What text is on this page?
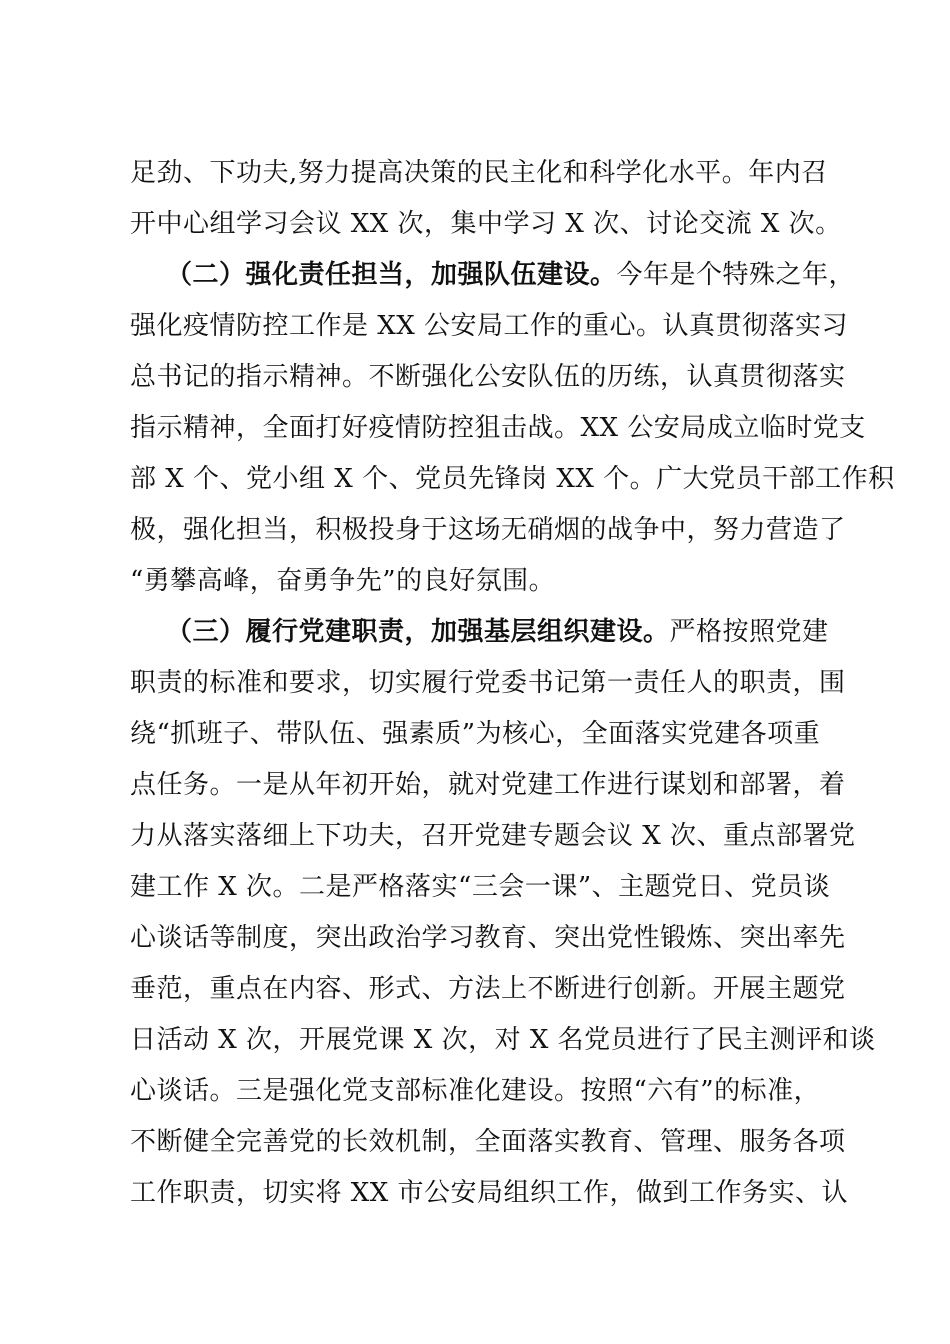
足劲、下功夫,努力提高决策的民主化和科学化水平。年内召
开中心组学习会议 XX 次，集中学习 X 次、讨论交流 X 次。
（二）强化责任担当，加强队伍建设。今年是个特殊之年，
强化疫情防控工作是 XX 公安局工作的重心。认真贯彻落实习
总书记的指示精神。不断强化公安队伍的历练，认真贯彻落实
指示精神，全面打好疫情防控狙击战。XX 公安局成立临时党支
部 X 个、党小组 X 个、党员先锋岗 XX 个。广大党员干部工作积
极，强化担当，积极投身于这场无硝烟的战争中，努力营造了
“勇攀高峰，奋勇争先”的良好氛围。
（三）履行党建职责，加强基层组织建设。严格按照党建
职责的标准和要求，切实履行党委书记第一责任人的职责，围
绕“抓班子、带队伍、强素质”为核心，全面落实党建各项重
点任务。一是从年初开始，就对党建工作进行谋划和部署，着
力从落实落细上下功夫，召开党建专题会议 X 次、重点部署党
建工作 X 次。二是严格落实“三会一课”、主题党日、党员谈
心谈话等制度，突出政治学习教育、突出党性锻炼、突出率先
垂范，重点在内容、形式、方法上不断进行创新。开展主题党
日活动 X 次，开展党课 X 次，对 X 名党员进行了民主测评和谈
心谈话。三是强化党支部标准化建设。按照“六有”的标准，
不断健全完善党的长效机制，全面落实教育、管理、服务各项
工作职责，切实将 XX 市公安局组织工作，做到工作务实、认
